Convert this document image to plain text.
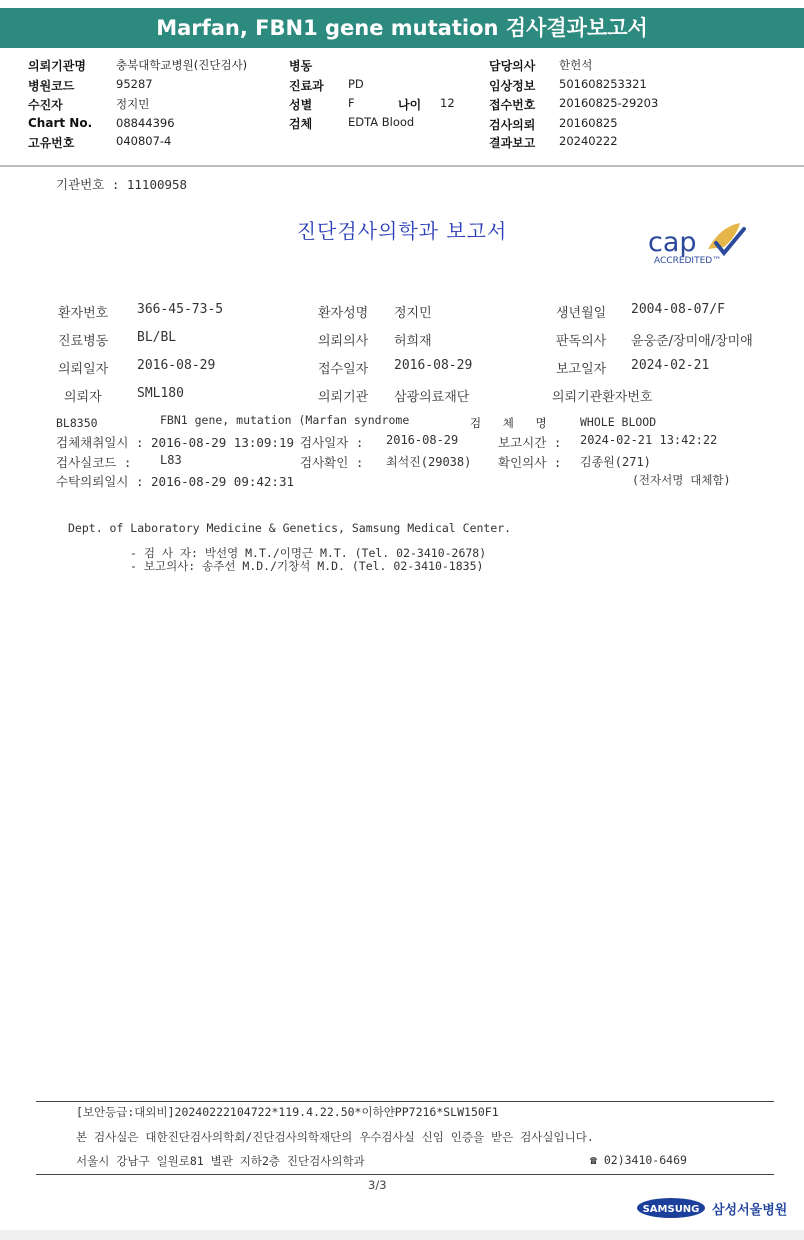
Marfan, FBN1 gene mutation 검사결과보고서
의뢰기관명	충북대학교병원(진단검사)
병원코드	95287
수진자	정지민
Chart No. 08844396
고유번호	040807-4
병동
진료과 PD
성별	F	나이 12
검체	EDTA Blood
담당의사 한헌석
임상정보 501608253321
접수번호 20160825-29203
검사의뢰 20160825
결과보고 20240222
기관번호 : 11100958
진단검사의학과 보고서	cap
ACCREDITED™
환자번호 366-45-73-5	환자성명 정지민	생년월일 2004-08-07/F
진료병동 BL/BL	의뢰의사 허희재	판독의사 윤웅준/장미애/장미애
의뢰일자 2016-08-29	접수일자 2016-08-29	보고일자 2024-02-21
의뢰자	SML180	의뢰기관 삼광의료재단	의뢰기관환자번호
BL8350	FBN1 gene, mutation (Marfan syndrome	검 체 명 WHOLE BLOOD
검체채취일시 : 2016-08-29 13:09:19 검사일자 : 2016-08-29	보고시간 : 2024-02-21 13:42:22
검사실코드 : L83	검사확인 : 최석진(29038) 확인의사 : 김종원(271)
수탁의뢰일시 : 2016-08-29 09:42:31	(전자서명 대체함)
Dept. of Laboratory Medicine & Genetics, Samsung Medical Center.
- 검 사 자: 박선영 M.T./이명근 M.T. (Tel. 02-3410-2678)
- 보고의사: 송주선 M.D./기창석 M.D. (Tel. 02-3410-1835)
[보안등급:대외비]20240222104722*119.4.22.50*이하얀PP7216*SLW150F1
본 검사실은 대한진단검사의학회/진단검사의학재단의 우수검사실 신임 인증을 받은 검사실입니다.
서울시 강남구 일원로81 별관 지하2층 진단검사의학과	☎ 02)3410-6469
3/3
SAMSUNG 삼성서울병원
